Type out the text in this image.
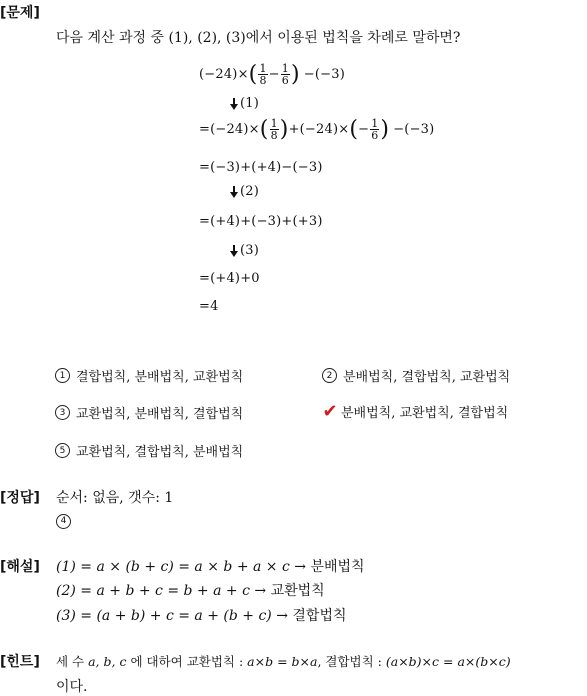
[문제]
다음 계산 과정 중 (1), (2), (3)에서 이용된 법칙을 차례로 말하면?
(−24)× ( $\frac{1}{8} - \frac{1}{6}$ ) −(−3)
(1)
=(−24)× ( $\frac{1}{8}$ ) +(−24)× ( − $\frac{1}{6}$ ) −(−3)
=(−3)+(+4)−(−3)
(2)
=(+4)+(−3)+(+3)
(3)
=(+4)+0
=4
1 결합법칙, 분배법칙, 교환법칙	2 분배법칙, 결합법칙, 교환법칙
3 교환법칙, 분배법칙, 결합법칙	✔ 분배법칙, 교환법칙, 결합법칙
5 교환법칙, 결합법칙, 분배법칙
[정답] 순서: 없음, 갯수: 1
4
[해설] (1) = a × (b + c) = a × b + a × c → 분배법칙
(2) = a + b + c = b + a + c → 교환법칙
(3) = (a + b) + c = a + (b + c) → 결합법칙
[힌트] 세 수 a, b, c 에 대하여 교환법칙 : a×b = b×a, 결합법칙 : (a×b)×c = a×(b×c)
이다.
